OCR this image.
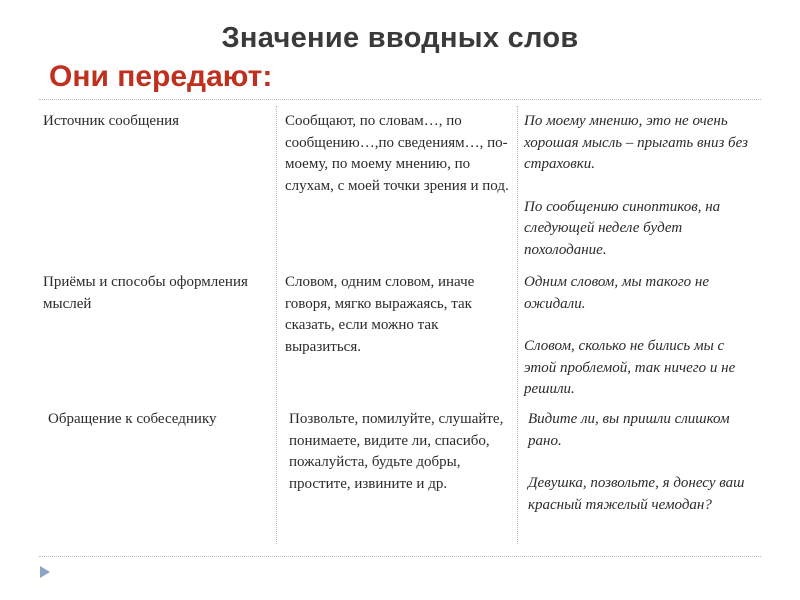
Значение вводных слов
Они передают:
Источник сообщения	Сообщают, по словам…, по сообщению…,по сведениям…, по-моему, по моему мнению, по слухам, с моей точки зрения и под.
По моему мнению, это не очень хорошая мысль – прыгать вниз без страховки.
По сообщению синоптиков, на следующей неделе будет похолодание.
Приёмы и способы оформления мыслей
Словом, одним словом, иначе говоря, мягко выражаясь, так сказать, если можно так выразиться.
Одним словом, мы такого не ожидали.
Словом, сколько не бились мы с этой проблемой, так ничего и не решили.
Обращение к собеседнику	Позвольте, помилуйте, слушайте, понимаете, видите ли, спасибо, пожалуйста, будьте добры, простите, извините и др.
Видите ли, вы пришли слишком рано.
Девушка, позвольте, я донесу ваш красный тяжелый чемодан?
